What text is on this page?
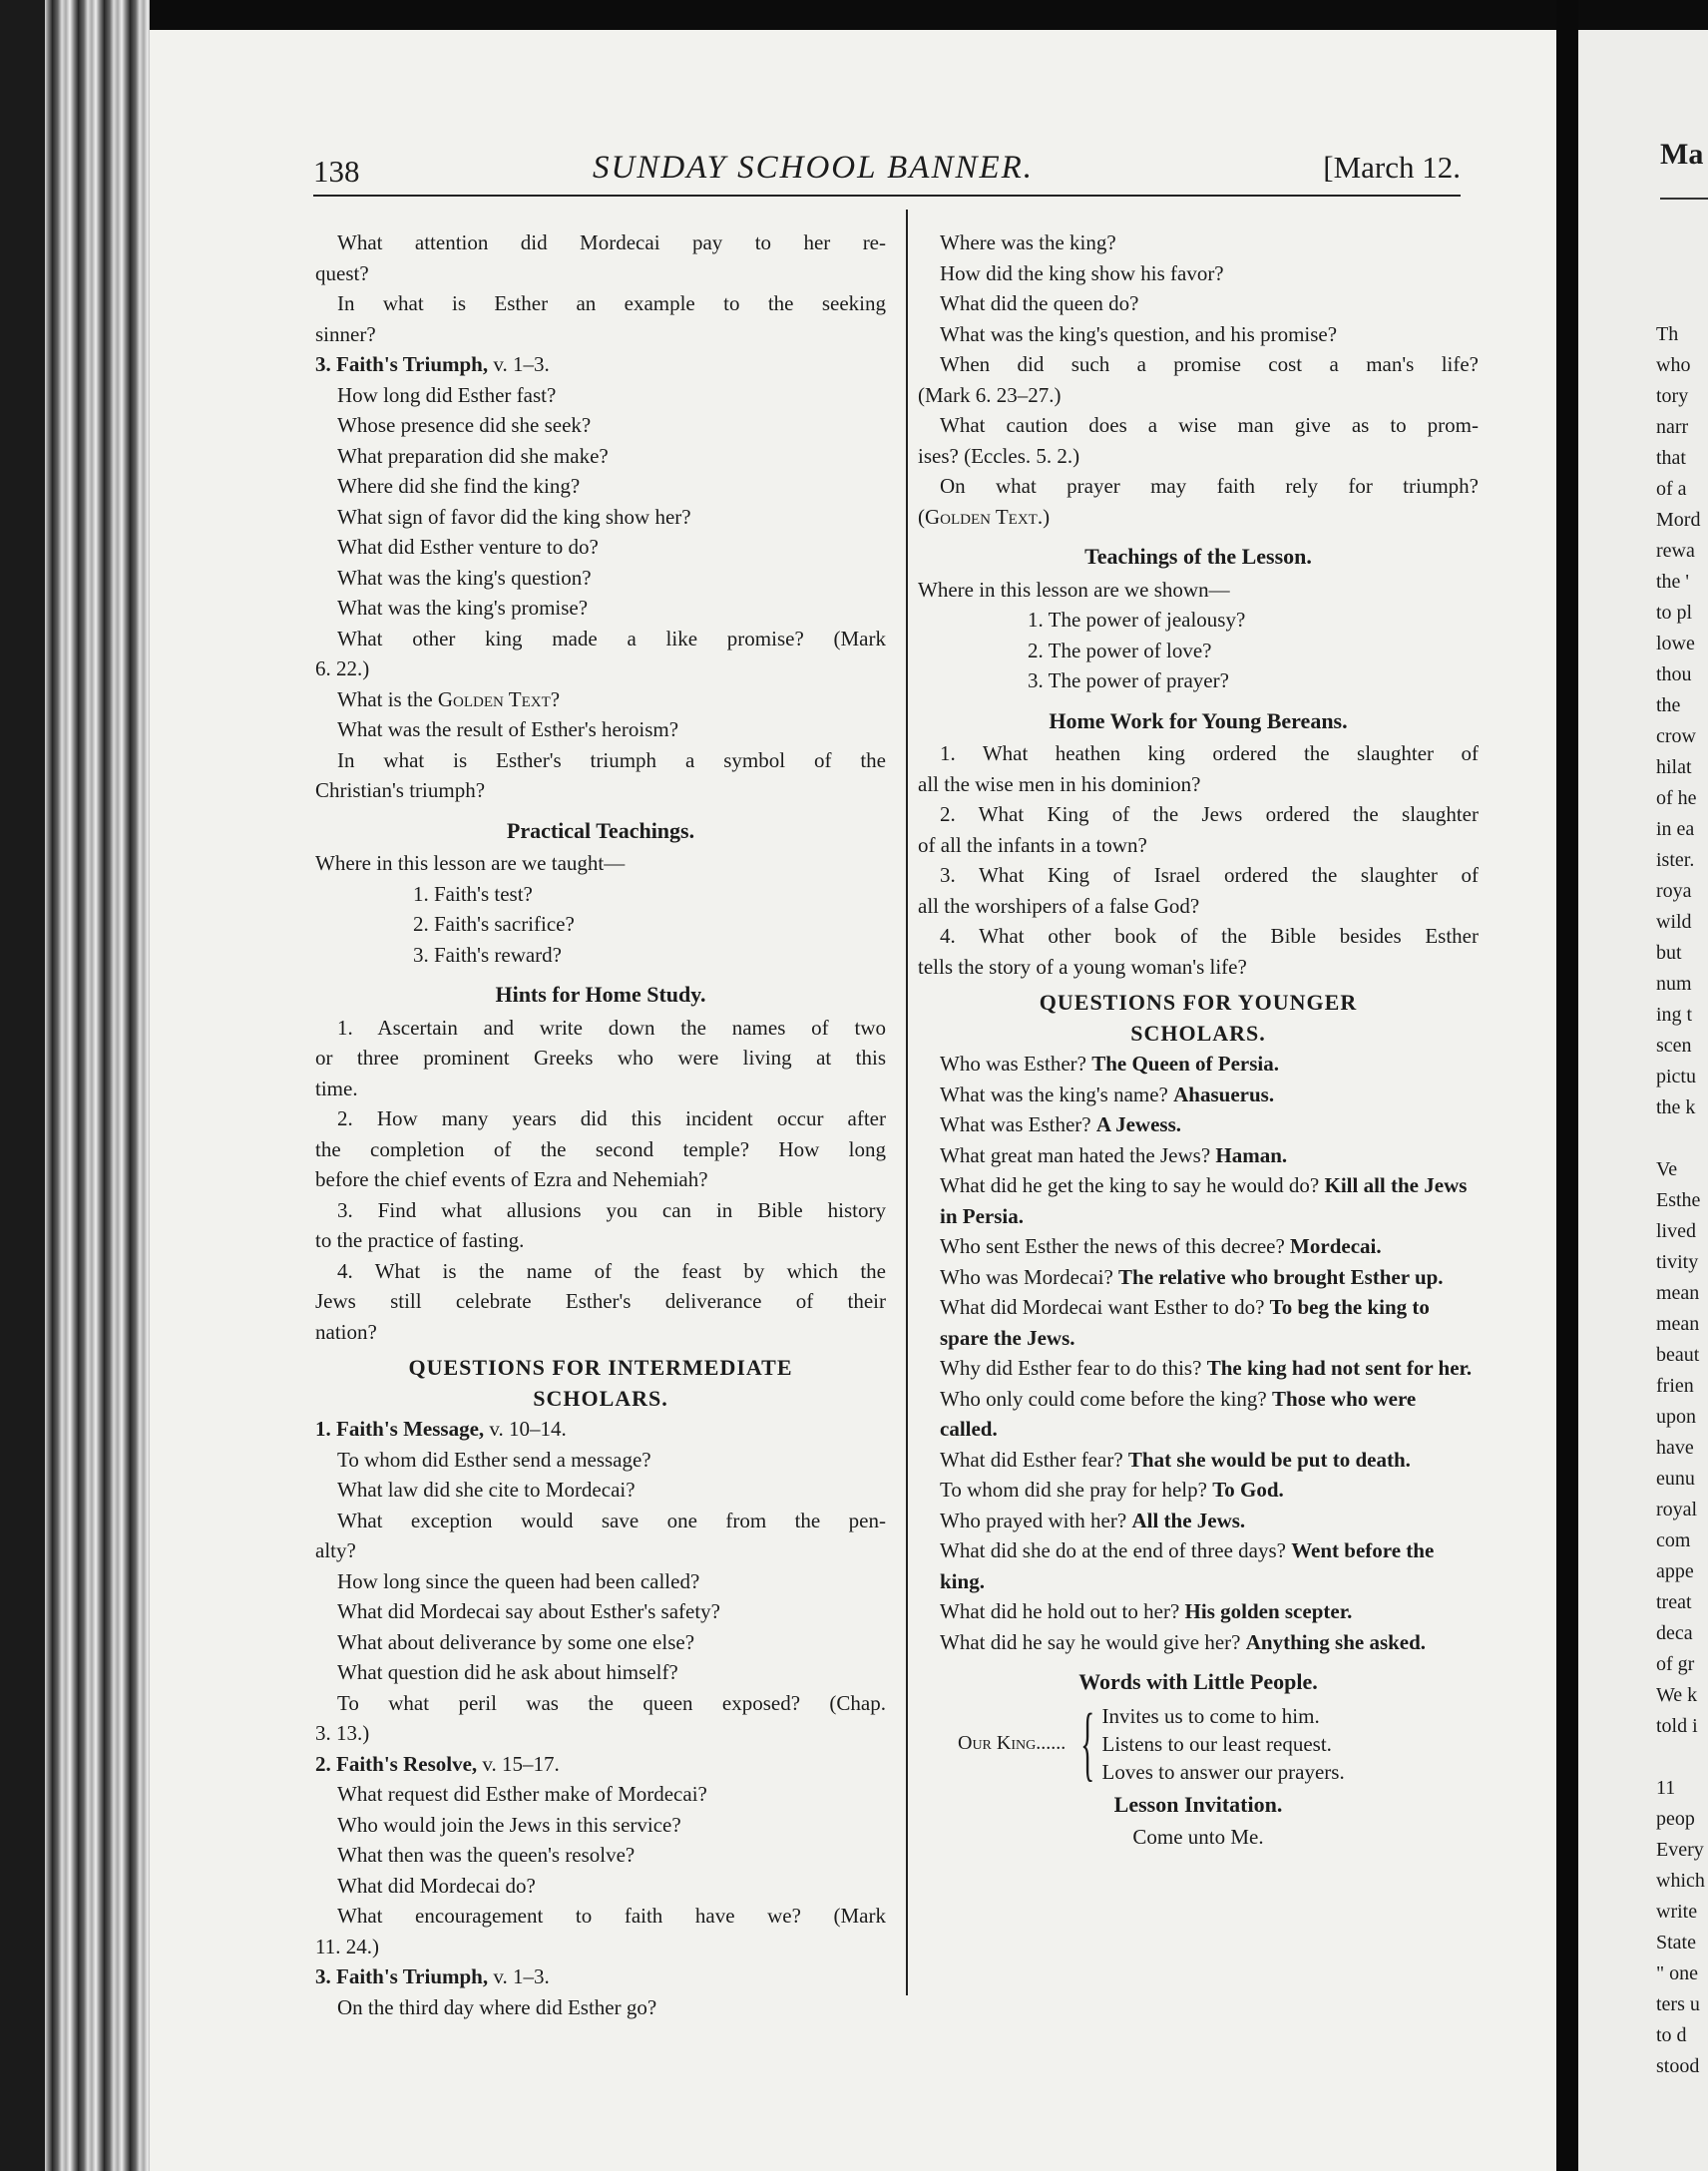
Ma
Th
who
tory
narr
that
of a
Mord
rewa
the '
to pl
lowe
thou
the
crow
hilat
of he
in ea
ister.
roya
wild
but
num
ing t
scen
pictu
the k
Ve
Esthe
lived
tivity
mean
mean
beaut
frien
upon
have
eunu
royal
com
appe
treat
deca
of gr
We k
told i
11
peop
Every
which
write
State
" one
ters u
to d
stood
138	SUNDAY SCHOOL BANNER.	[March 12.
What attention did Mordecai pay to her re-
quest?
In what is Esther an example to the seeking
sinner?
3. Faith's Triumph, v. 1–3.
How long did Esther fast?
Whose presence did she seek?
What preparation did she make?
Where did she find the king?
What sign of favor did the king show her?
What did Esther venture to do?
What was the king's question?
What was the king's promise?
What other king made a like promise? (Mark
6. 22.)
What is the Golden Text?
What was the result of Esther's heroism?
In what is Esther's triumph a symbol of the
Christian's triumph?
Practical Teachings.
Where in this lesson are we taught—
1. Faith's test?
2. Faith's sacrifice?
3. Faith's reward?
Hints for Home Study.
1. Ascertain and write down the names of two
or three prominent Greeks who were living at this
time.
2. How many years did this incident occur after
the completion of the second temple? How long
before the chief events of Ezra and Nehemiah?
3. Find what allusions you can in Bible history
to the practice of fasting.
4. What is the name of the feast by which the
Jews still celebrate Esther's deliverance of their
nation?
QUESTIONS FOR INTERMEDIATE
SCHOLARS.
1. Faith's Message, v. 10–14.
To whom did Esther send a message?
What law did she cite to Mordecai?
What exception would save one from the pen-
alty?
How long since the queen had been called?
What did Mordecai say about Esther's safety?
What about deliverance by some one else?
What question did he ask about himself?
To what peril was the queen exposed? (Chap.
3. 13.)
2. Faith's Resolve, v. 15–17.
What request did Esther make of Mordecai?
Who would join the Jews in this service?
What then was the queen's resolve?
What did Mordecai do?
What encouragement to faith have we? (Mark
11. 24.)
3. Faith's Triumph, v. 1–3.
On the third day where did Esther go?
Where was the king?
How did the king show his favor?
What did the queen do?
What was the king's question, and his promise?
When did such a promise cost a man's life?
(Mark 6. 23–27.)
What caution does a wise man give as to prom-
ises? (Eccles. 5. 2.)
On what prayer may faith rely for triumph?
(Golden Text.)
Teachings of the Lesson.
Where in this lesson are we shown—
1. The power of jealousy?
2. The power of love?
3. The power of prayer?
Home Work for Young Bereans.
1. What heathen king ordered the slaughter of
all the wise men in his dominion?
2. What King of the Jews ordered the slaughter
of all the infants in a town?
3. What King of Israel ordered the slaughter of
all the worshipers of a false God?
4. What other book of the Bible besides Esther
tells the story of a young woman's life?
QUESTIONS FOR YOUNGER
SCHOLARS.
Who was Esther? The Queen of Persia.
What was the king's name? Ahasuerus.
What was Esther? A Jewess.
What great man hated the Jews? Haman.
What did he get the king to say he would do? Kill all the Jews in Persia.
Who sent Esther the news of this decree? Mordecai.
Who was Mordecai? The relative who brought Esther up.
What did Mordecai want Esther to do? To beg the king to spare the Jews.
Why did Esther fear to do this? The king had not sent for her.
Who only could come before the king? Those who were called.
What did Esther fear? That she would be put to death.
To whom did she pray for help? To God.
Who prayed with her? All the Jews.
What did she do at the end of three days? Went before the king.
What did he hold out to her? His golden scepter.
What did he say he would give her? Anything she asked.
Words with Little People.
Our King...... { Invites us to come to him.
Listens to our least request.
Loves to answer our prayers.
Lesson Invitation.
Come unto Me.
